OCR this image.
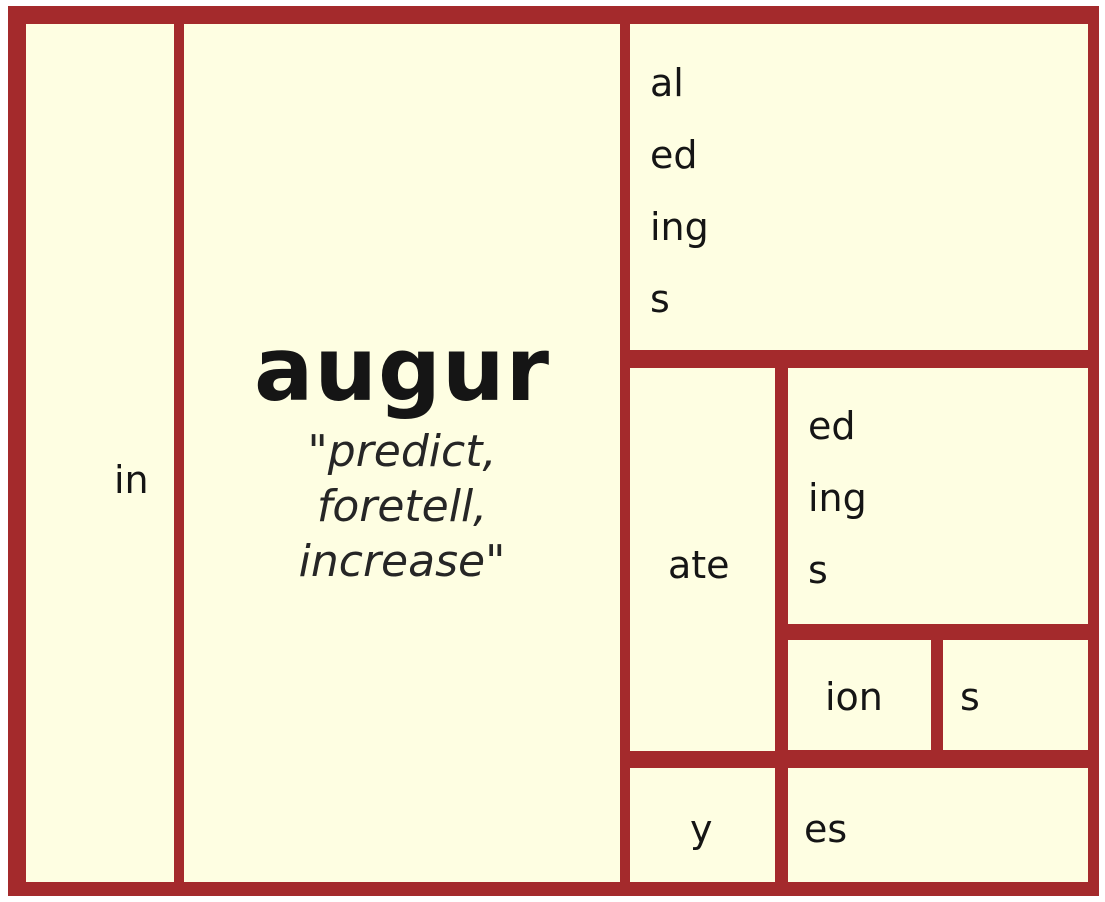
in
augur
"predict,
foretell,
increase"
al
ed
ing
s
ate
ed
ing
s
ion s
y es
